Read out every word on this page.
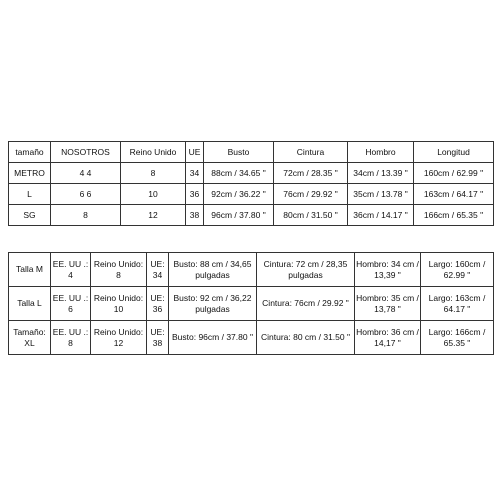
tamaño	NOSOTROS	Reino Unido	UE	Busto	Cintura	Hombro	Longitud
METRO	4 4	8	34	88cm / 34.65 "	72cm / 28.35 "	34cm / 13.39 "	160cm / 62.99 "
L	6 6	10	36	92cm / 36.22 "	76cm / 29.92 "	35cm / 13.78 "	163cm / 64.17 "
SG	8	12	38	96cm / 37.80 "	80cm / 31.50 "	36cm / 14.17 "	166cm / 65.35 "
Talla M	EE. UU .: 4	Reino Unido: 8	UE: 34	Busto: 88 cm / 34,65 pulgadas	Cintura: 72 cm / 28,35 pulgadas	Hombro: 34 cm / 13,39 "	Largo: 160cm / 62.99 "
Talla L	EE. UU .: 6	Reino Unido: 10	UE: 36	Busto: 92 cm / 36,22 pulgadas	Cintura: 76cm / 29.92 "	Hombro: 35 cm / 13,78 "	Largo: 163cm / 64.17 "
Tamaño: XL	EE. UU .: 8	Reino Unido: 12	UE: 38	Busto: 96cm / 37.80 "	Cintura: 80 cm / 31.50 "	Hombro: 36 cm / 14,17 "	Largo: 166cm / 65.35 "
